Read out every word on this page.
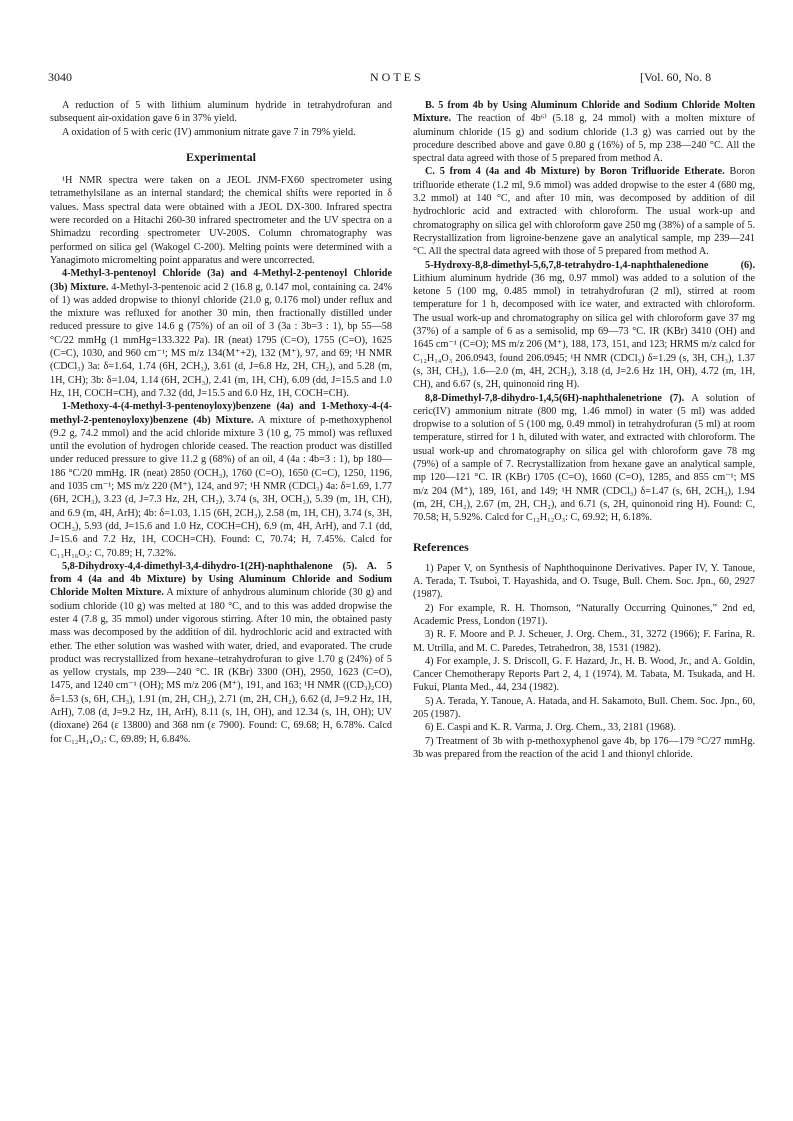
3040	NOTES	[Vol. 60, No. 8

A reduction of 5 with lithium aluminum hydride in tetrahydrofuran and subsequent air-oxidation gave 6 in 37% yield.

A oxidation of 5 with ceric (IV) ammonium nitrate gave 7 in 79% yield.

Experimental

¹H NMR spectra were taken on a JEOL JNM-FX60 spectrometer using tetramethylsilane as an internal standard; the chemical shifts were reported in δ values. Mass spectral data were obtained with a JEOL DX-300. Infrared spectra were recorded on a Hitachi 260-30 infrared spectrometer and the UV spectra on a Shimadzu recording spectrometer UV-200S. Column chromatography was performed on silica gel (Wakogel C-200). Melting points were determined with a Yanagimoto micromelting point apparatus and were uncorrected.

4-Methyl-3-pentenoyl Chloride (3a) and 4-Methyl-2-pentenoyl Chloride (3b) Mixture. 4-Methyl-3-pentenoic acid 2 (16.8 g, 0.147 mol, containing ca. 24% of 1) was added dropwise to thionyl chloride (21.0 g, 0.176 mol) under reflux and the mixture was refluxed for another 30 min, then fractionally distilled under reduced pressure to give 14.6 g (75%) of an oil of 3 (3a : 3b=3 : 1), bp 55—58 °C/22 mmHg (1 mmHg=133.322 Pa). IR (neat) 1795 (C=O), 1755 (C=O), 1625 (C=C), 1030, and 960 cm⁻¹; MS m/z 134(M⁺+2), 132 (M⁺), 97, and 69; ¹H NMR (CDCl₃) 3a: δ=1.64, 1.74 (6H, 2CH₃), 3.61 (d, J=6.8 Hz, 2H, CH₂), and 5.28 (m, 1H, CH); 3b: δ=1.04, 1.14 (6H, 2CH₃), 2.41 (m, 1H, CH), 6.09 (dd, J=15.5 and 1.0 Hz, 1H, COCH=CH), and 7.32 (dd, J=15.5 and 6.0 Hz, 1H, COCH=CH).

1-Methoxy-4-(4-methyl-3-pentenoyloxy)benzene (4a) and 1-Methoxy-4-(4-methyl-2-pentenoyloxy)benzene (4b) Mixture. A mixture of p-methoxyphenol (9.2 g, 74.2 mmol) and the acid chloride mixture 3 (10 g, 75 mmol) was refluxed until the evolution of hydrogen chloride ceased. The reaction product was distilled under reduced pressure to give 11.2 g (68%) of an oil, 4 (4a : 4b=3 : 1), bp 180—186 °C/20 mmHg. IR (neat) 2850 (OCH₃), 1760 (C=O), 1650 (C=C), 1250, 1196, and 1035 cm⁻¹; MS m/z 220 (M⁺), 124, and 97; ¹H NMR (CDCl₃) 4a: δ=1.69, 1.77 (6H, 2CH₃), 3.23 (d, J=7.3 Hz, 2H, CH₂), 3.74 (s, 3H, OCH₃), 5.39 (m, 1H, CH), and 6.9 (m, 4H, ArH); 4b: δ=1.03, 1.15 (6H, 2CH₃), 2.58 (m, 1H, CH), 3.74 (s, 3H, OCH₃), 5.93 (dd, J=15.6 and 1.0 Hz, COCH=CH), 6.9 (m, 4H, ArH), and 7.1 (dd, J=15.6 and 7.2 Hz, 1H, COCH=CH). Found: C, 70.74; H, 7.45%. Calcd for C₁₃H₁₆O₃: C, 70.89; H, 7.32%.

5,8-Dihydroxy-4,4-dimethyl-3,4-dihydro-1(2H)-naphthalenone (5). A. 5 from 4 (4a and 4b Mixture) by Using Aluminum Chloride and Sodium Chloride Molten Mixture. A mixture of anhydrous aluminum chloride (30 g) and sodium chloride (10 g) was melted at 180 °C, and to this was added dropwise the ester 4 (7.8 g, 35 mmol) under vigorous stirring. After 10 min, the obtained pasty mass was decomposed by the addition of dil. hydrochloric acid and extracted with ether. The ether solution was washed with water, dried, and evaporated. The crude product was recrystallized from hexane–tetrahydrofuran to give 1.70 g (24%) of 5 as yellow crystals, mp 239—240 °C. IR (KBr) 3300 (OH), 2950, 1623 (C=O), 1475, and 1240 cm⁻¹ (OH); MS m/z 206 (M⁺), 191, and 163; ¹H NMR ((CD₃)₂CO) δ=1.53 (s, 6H, CH₃), 1.91 (m, 2H, CH₂), 2.71 (m, 2H, CH₂), 6.62 (d, J=9.2 Hz, 1H, ArH), 7.08 (d, J=9.2 Hz, 1H, ArH), 8.11 (s, 1H, OH), and 12.34 (s, 1H, OH); UV (dioxane) 264 (ε 13800) and 368 nm (ε 7900). Found: C, 69.68; H, 6.78%. Calcd for C₁₂H₁₄O₃: C, 69.89; H, 6.84%.

B. 5 from 4b by Using Aluminum Chloride and Sodium Chloride Molten Mixture. The reaction of 4b⁶⁾ (5.18 g, 24 mmol) with a molten mixture of aluminum chloride (15 g) and sodium chloride (1.3 g) was carried out by the procedure described above and gave 0.80 g (16%) of 5, mp 238—240 °C. All the spectral data agreed with those of 5 prepared from method A.

C. 5 from 4 (4a and 4b Mixture) by Boron Trifluoride Etherate. Boron trifluoride etherate (1.2 ml, 9.6 mmol) was added dropwise to the ester 4 (680 mg, 3.2 mmol) at 140 °C, and after 10 min, was decomposed by addition of dil hydrochloric acid and extracted with chloroform. The usual work-up and chromatography on silica gel with chloroform gave 250 mg (38%) of a sample of 5. Recrystallization from ligroine-benzene gave an analytical sample, mp 239—241 °C. All the spectral data agreed with those of 5 prepared from method A.

5-Hydroxy-8,8-dimethyl-5,6,7,8-tetrahydro-1,4-naphthalenedione (6). Lithium aluminum hydride (36 mg, 0.97 mmol) was added to a solution of the ketone 5 (100 mg, 0.485 mmol) in tetrahydrofuran (2 ml), stirred at room temperature for 1 h, decomposed with ice water, and extracted with chloroform. The usual work-up and chromatography on silica gel with chloroform gave 37 mg (37%) of a sample of 6 as a semisolid, mp 69—73 °C. IR (KBr) 3410 (OH) and 1645 cm⁻¹ (C=O); MS m/z 206 (M⁺), 188, 173, 151, and 123; HRMS m/z calcd for C₁₂H₁₄O₃ 206.0943, found 206.0945; ¹H NMR (CDCl₃) δ=1.29 (s, 3H, CH₃), 1.37 (s, 3H, CH₃), 1.6—2.0 (m, 4H, 2CH₂), 3.18 (d, J=2.6 Hz 1H, OH), 4.72 (m, 1H, CH), and 6.67 (s, 2H, quinonoid ring H).

8,8-Dimethyl-7,8-dihydro-1,4,5(6H)-naphthalenetrione (7). A solution of ceric(IV) ammonium nitrate (800 mg, 1.46 mmol) in water (5 ml) was added dropwise to a solution of 5 (100 mg, 0.49 mmol) in tetrahydrofuran (5 ml) at room temperature, stirred for 1 h, diluted with water, and extracted with chloroform. The usual work-up and chromatography on silica gel with chloroform gave 78 mg (79%) of a sample of 7. Recrystallization from hexane gave an analytical sample, mp 120—121 °C. IR (KBr) 1705 (C=O), 1660 (C=O), 1285, and 855 cm⁻¹; MS m/z 204 (M⁺), 189, 161, and 149; ¹H NMR (CDCl₃) δ=1.47 (s, 6H, 2CH₃), 1.94 (m, 2H, CH₂), 2.67 (m, 2H, CH₂), and 6.71 (s, 2H, quinonoid ring H). Found: C, 70.58; H, 5.92%. Calcd for C₁₂H₁₂O₃: C, 69.92; H, 6.18%.

References

1) Paper V, on Synthesis of Naphthoquinone Derivatives. Paper IV, Y. Tanoue, A. Terada, T. Tsuboi, T. Hayashida, and O. Tsuge, Bull. Chem. Soc. Jpn., 60, 2927 (1987).

2) For example, R. H. Thomson, “Naturally Occurring Quinones,” 2nd ed, Academic Press, London (1971).

3) R. F. Moore and P. J. Scheuer, J. Org. Chem., 31, 3272 (1966); F. Farina, R. M. Utrilla, and M. C. Paredes, Tetrahedron, 38, 1531 (1982).

4) For example, J. S. Driscoll, G. F. Hazard, Jr., H. B. Wood, Jr., and A. Goldin, Cancer Chemotherapy Reports Part 2, 4, 1 (1974). M. Tabata, M. Tsukada, and H. Fukui, Planta Med., 44, 234 (1982).

5) A. Terada, Y. Tanoue, A. Hatada, and H. Sakamoto, Bull. Chem. Soc. Jpn., 60, 205 (1987).

6) E. Caspi and K. R. Varma, J. Org. Chem., 33, 2181 (1968).

7) Treatment of 3b with p-methoxyphenol gave 4b, bp 176—179 °C/27 mmHg. 3b was prepared from the reaction of the acid 1 and thionyl chloride.
